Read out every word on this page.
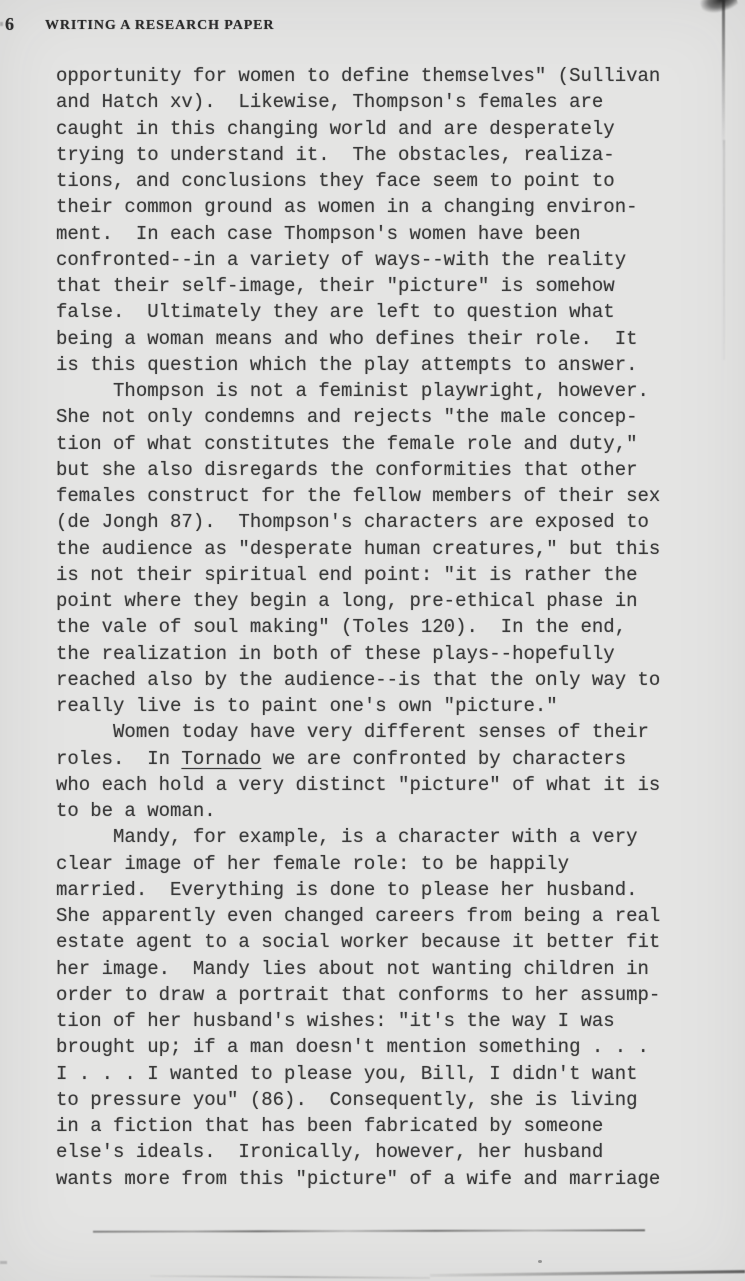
6 WRITING A RESEARCH PAPER
opportunity for women to define themselves" (Sullivan
and Hatch xv).  Likewise, Thompson's females are
caught in this changing world and are desperately
trying to understand it.  The obstacles, realiza-
tions, and conclusions they face seem to point to
their common ground as women in a changing environ-
ment.  In each case Thompson's women have been
confronted--in a variety of ways--with the reality
that their self-image, their "picture" is somehow
false.  Ultimately they are left to question what
being a woman means and who defines their role.  It
is this question which the play attempts to answer.
Thompson is not a feminist playwright, however.
She not only condemns and rejects "the male concep-
tion of what constitutes the female role and duty,"
but she also disregards the conformities that other
females construct for the fellow members of their sex
(de Jongh 87).  Thompson's characters are exposed to
the audience as "desperate human creatures," but this
is not their spiritual end point: "it is rather the
point where they begin a long, pre-ethical phase in
the vale of soul making" (Toles 120).  In the end,
the realization in both of these plays--hopefully
reached also by the audience--is that the only way to
really live is to paint one's own "picture."
Women today have very different senses of their
roles.  In Tornado we are confronted by characters
who each hold a very distinct "picture" of what it is
to be a woman.
Mandy, for example, is a character with a very
clear image of her female role: to be happily
married.  Everything is done to please her husband.
She apparently even changed careers from being a real
estate agent to a social worker because it better fit
her image.  Mandy lies about not wanting children in
order to draw a portrait that conforms to her assump-
tion of her husband's wishes: "it's the way I was
brought up; if a man doesn't mention something . . .
I . . . I wanted to please you, Bill, I didn't want
to pressure you" (86).  Consequently, she is living
in a fiction that has been fabricated by someone
else's ideals.  Ironically, however, her husband
wants more from this "picture" of a wife and marriage
